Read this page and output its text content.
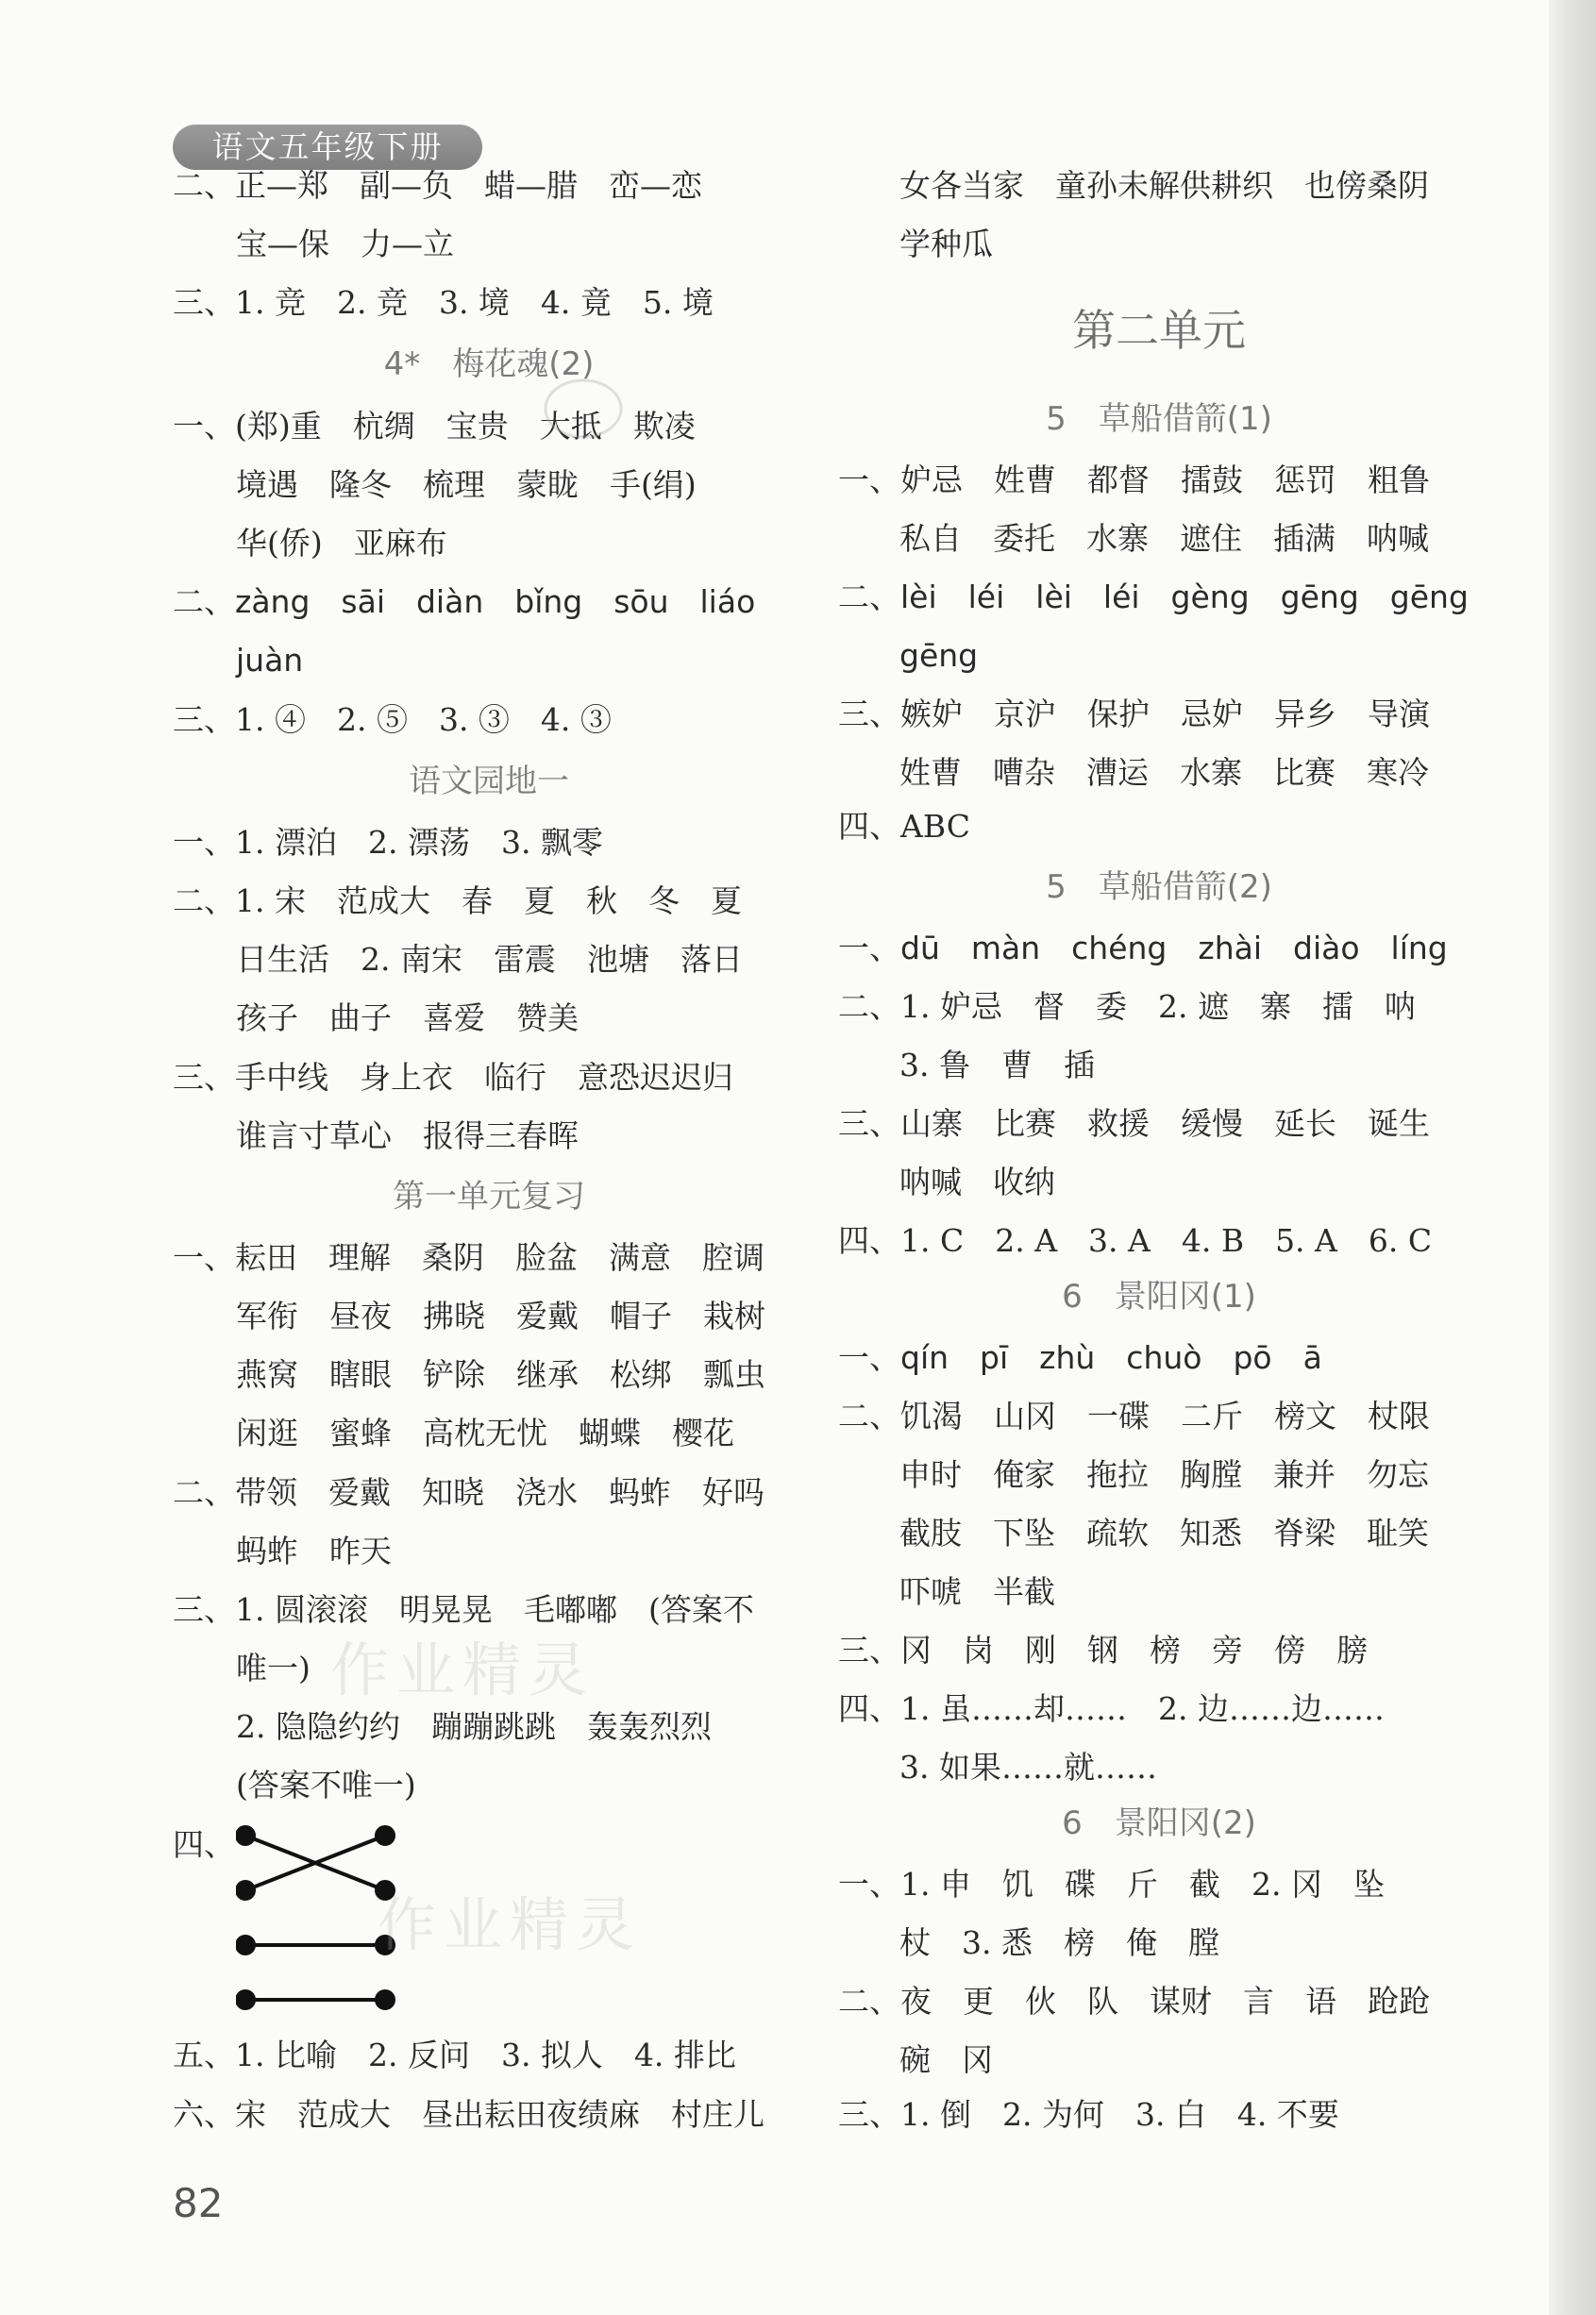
语文五年级下册
二、正—郑　副—负　蜡—腊　峦—恋
宝—保　力—立
三、1. 竞　2. 竞　3. 境　4. 竟　5. 境
4*　梅花魂(2)
一、(郑)重　杭绸　宝贵　大抵　欺凌
境遇　隆冬　梳理　蒙眬　手(绢)
华(侨)　亚麻布
二、zàng　sāi　diàn　bǐng　sōu　liáo
juàn
三、1. ④　2. ⑤　3. ③　4. ③
语文园地一
一、1. 漂泊　2. 漂荡　3. 飘零
二、1. 宋　范成大　春　夏　秋　冬　夏
日生活　2. 南宋　雷震　池塘　落日
孩子　曲子　喜爱　赞美
三、手中线　身上衣　临行　意恐迟迟归
谁言寸草心　报得三春晖
第一单元复习
一、耘田　理解　桑阴　脸盆　满意　腔调
军衔　昼夜　拂晓　爱戴　帽子　栽树
燕窝　瞎眼　铲除　继承　松绑　瓢虫
闲逛　蜜蜂　高枕无忧　蝴蝶　樱花
二、带领　爱戴　知晓　浇水　蚂蚱　好吗
蚂蚱　昨天
三、1. 圆滚滚　明晃晃　毛嘟嘟　(答案不
唯一)
2. 隐隐约约　蹦蹦跳跳　轰轰烈烈
(答案不唯一)
四、
五、1. 比喻　2. 反问　3. 拟人　4. 排比
六、宋　范成大　昼出耘田夜绩麻　村庄儿
女各当家　童孙未解供耕织　也傍桑阴
学种瓜
第二单元
5　草船借箭(1)
一、妒忌　姓曹　都督　擂鼓　惩罚　粗鲁
私自　委托　水寨　遮住　插满　呐喊
二、lèi　léi　lèi　léi　gèng　gēng　gēng
gēng
三、嫉妒　京沪　保护　忌妒　异乡　导演
姓曹　嘈杂　漕运　水寨　比赛　寒冷
四、ABC
5　草船借箭(2)
一、dū　màn　chéng　zhài　diào　líng
二、1. 妒忌　督　委　2. 遮　寨　擂　呐
3. 鲁　曹　插
三、山寨　比赛　救援　缓慢　延长　诞生
呐喊　收纳
四、1. C　2. A　3. A　4. B　5. A　6. C
6　景阳冈(1)
一、qín　pī　zhù　chuò　pō　ā
二、饥渴　山冈　一碟　二斤　榜文　杖限
申时　俺家　拖拉　胸膛　兼并　勿忘
截肢　下坠　疏软　知悉　脊梁　耻笑
吓唬　半截
三、冈　岗　刚　钢　榜　旁　傍　膀
四、1. 虽……却……　2. 边……边……
3. 如果……就……
6　景阳冈(2)
一、1. 申　饥　碟　斤　截　2. 冈　坠
杖　3. 悉　榜　俺　膛
二、夜　更　伙　队　谋财　言　语　跄跄
碗　冈
三、1. 倒　2. 为何　3. 白　4. 不要
作业精灵
作业精灵
82
